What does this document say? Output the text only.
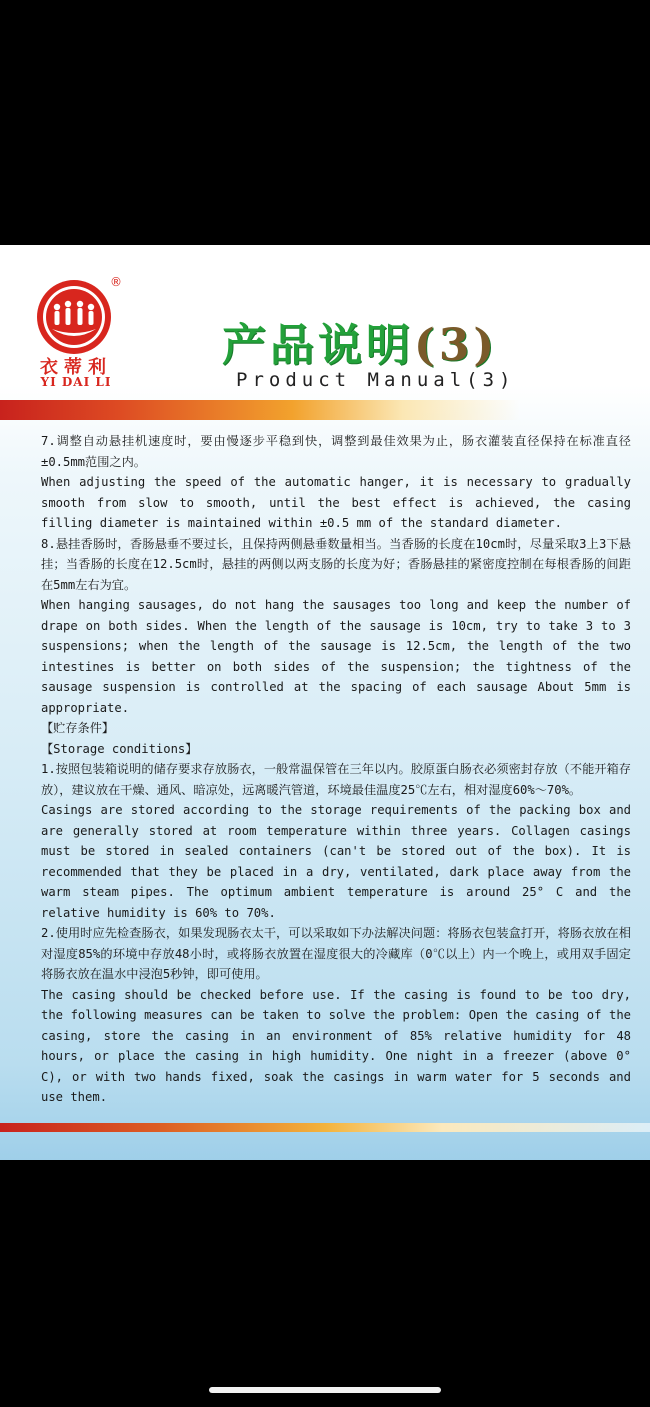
®
衣蒂利
YI DAI LI
产品说明(3)
Product Manual(3)

7.调整自动悬挂机速度时，要由慢逐步平稳到快，调整到最佳效果为止，肠衣灌装直径保持在标准直径±0.5mm范围之内。

When adjusting the speed of the automatic hanger, it is necessary to gradually smooth from slow to smooth, until the best effect is achieved, the casing filling diameter is maintained within ±0.5 mm of the standard diameter.

8.悬挂香肠时，香肠悬垂不要过长，且保持两侧悬垂数量相当。当香肠的长度在10cm时，尽量采取3上3下悬挂；当香肠的长度在12.5cm时，悬挂的两侧以两支肠的长度为好；香肠悬挂的紧密度控制在每根香肠的间距在5mm左右为宜。

When hanging sausages, do not hang the sausages too long and keep the number of drape on both sides. When the length of the sausage is 10cm, try to take 3 to 3 suspensions; when the length of the sausage is 12.5cm, the length of the two intestines is better on both sides of the suspension; the tightness of the sausage suspension is controlled at the spacing of each sausage About 5mm is appropriate.

【贮存条件】

【Storage conditions】

1.按照包装箱说明的储存要求存放肠衣，一般常温保管在三年以内。胶原蛋白肠衣必须密封存放（不能开箱存放），建议放在干燥、通风、暗凉处，远离暖汽管道，环境最佳温度25℃左右，相对湿度60%～70%。

Casings are stored according to the storage requirements of the packing box and are generally stored at room temperature within three years. Collagen casings must be stored in sealed containers (can't be stored out of the box). It is recommended that they be placed in a dry, ventilated, dark place away from the warm steam pipes. The optimum ambient temperature is around 25° C and the relative humidity is 60% to 70%.

2.使用时应先检查肠衣，如果发现肠衣太干，可以采取如下办法解决问题：将肠衣包装盒打开，将肠衣放在相对湿度85%的环境中存放48小时，或将肠衣放置在湿度很大的冷藏库（0℃以上）内一个晚上，或用双手固定将肠衣放在温水中浸泡5秒钟，即可使用。

The casing should be checked before use. If the casing is found to be too dry, the following measures can be taken to solve the problem: Open the casing of the casing, store the casing in an environment of 85% relative humidity for 48 hours, or place the casing in high humidity. One night in a freezer (above 0° C), or with two hands fixed, soak the casings in warm water for 5 seconds and use them.
